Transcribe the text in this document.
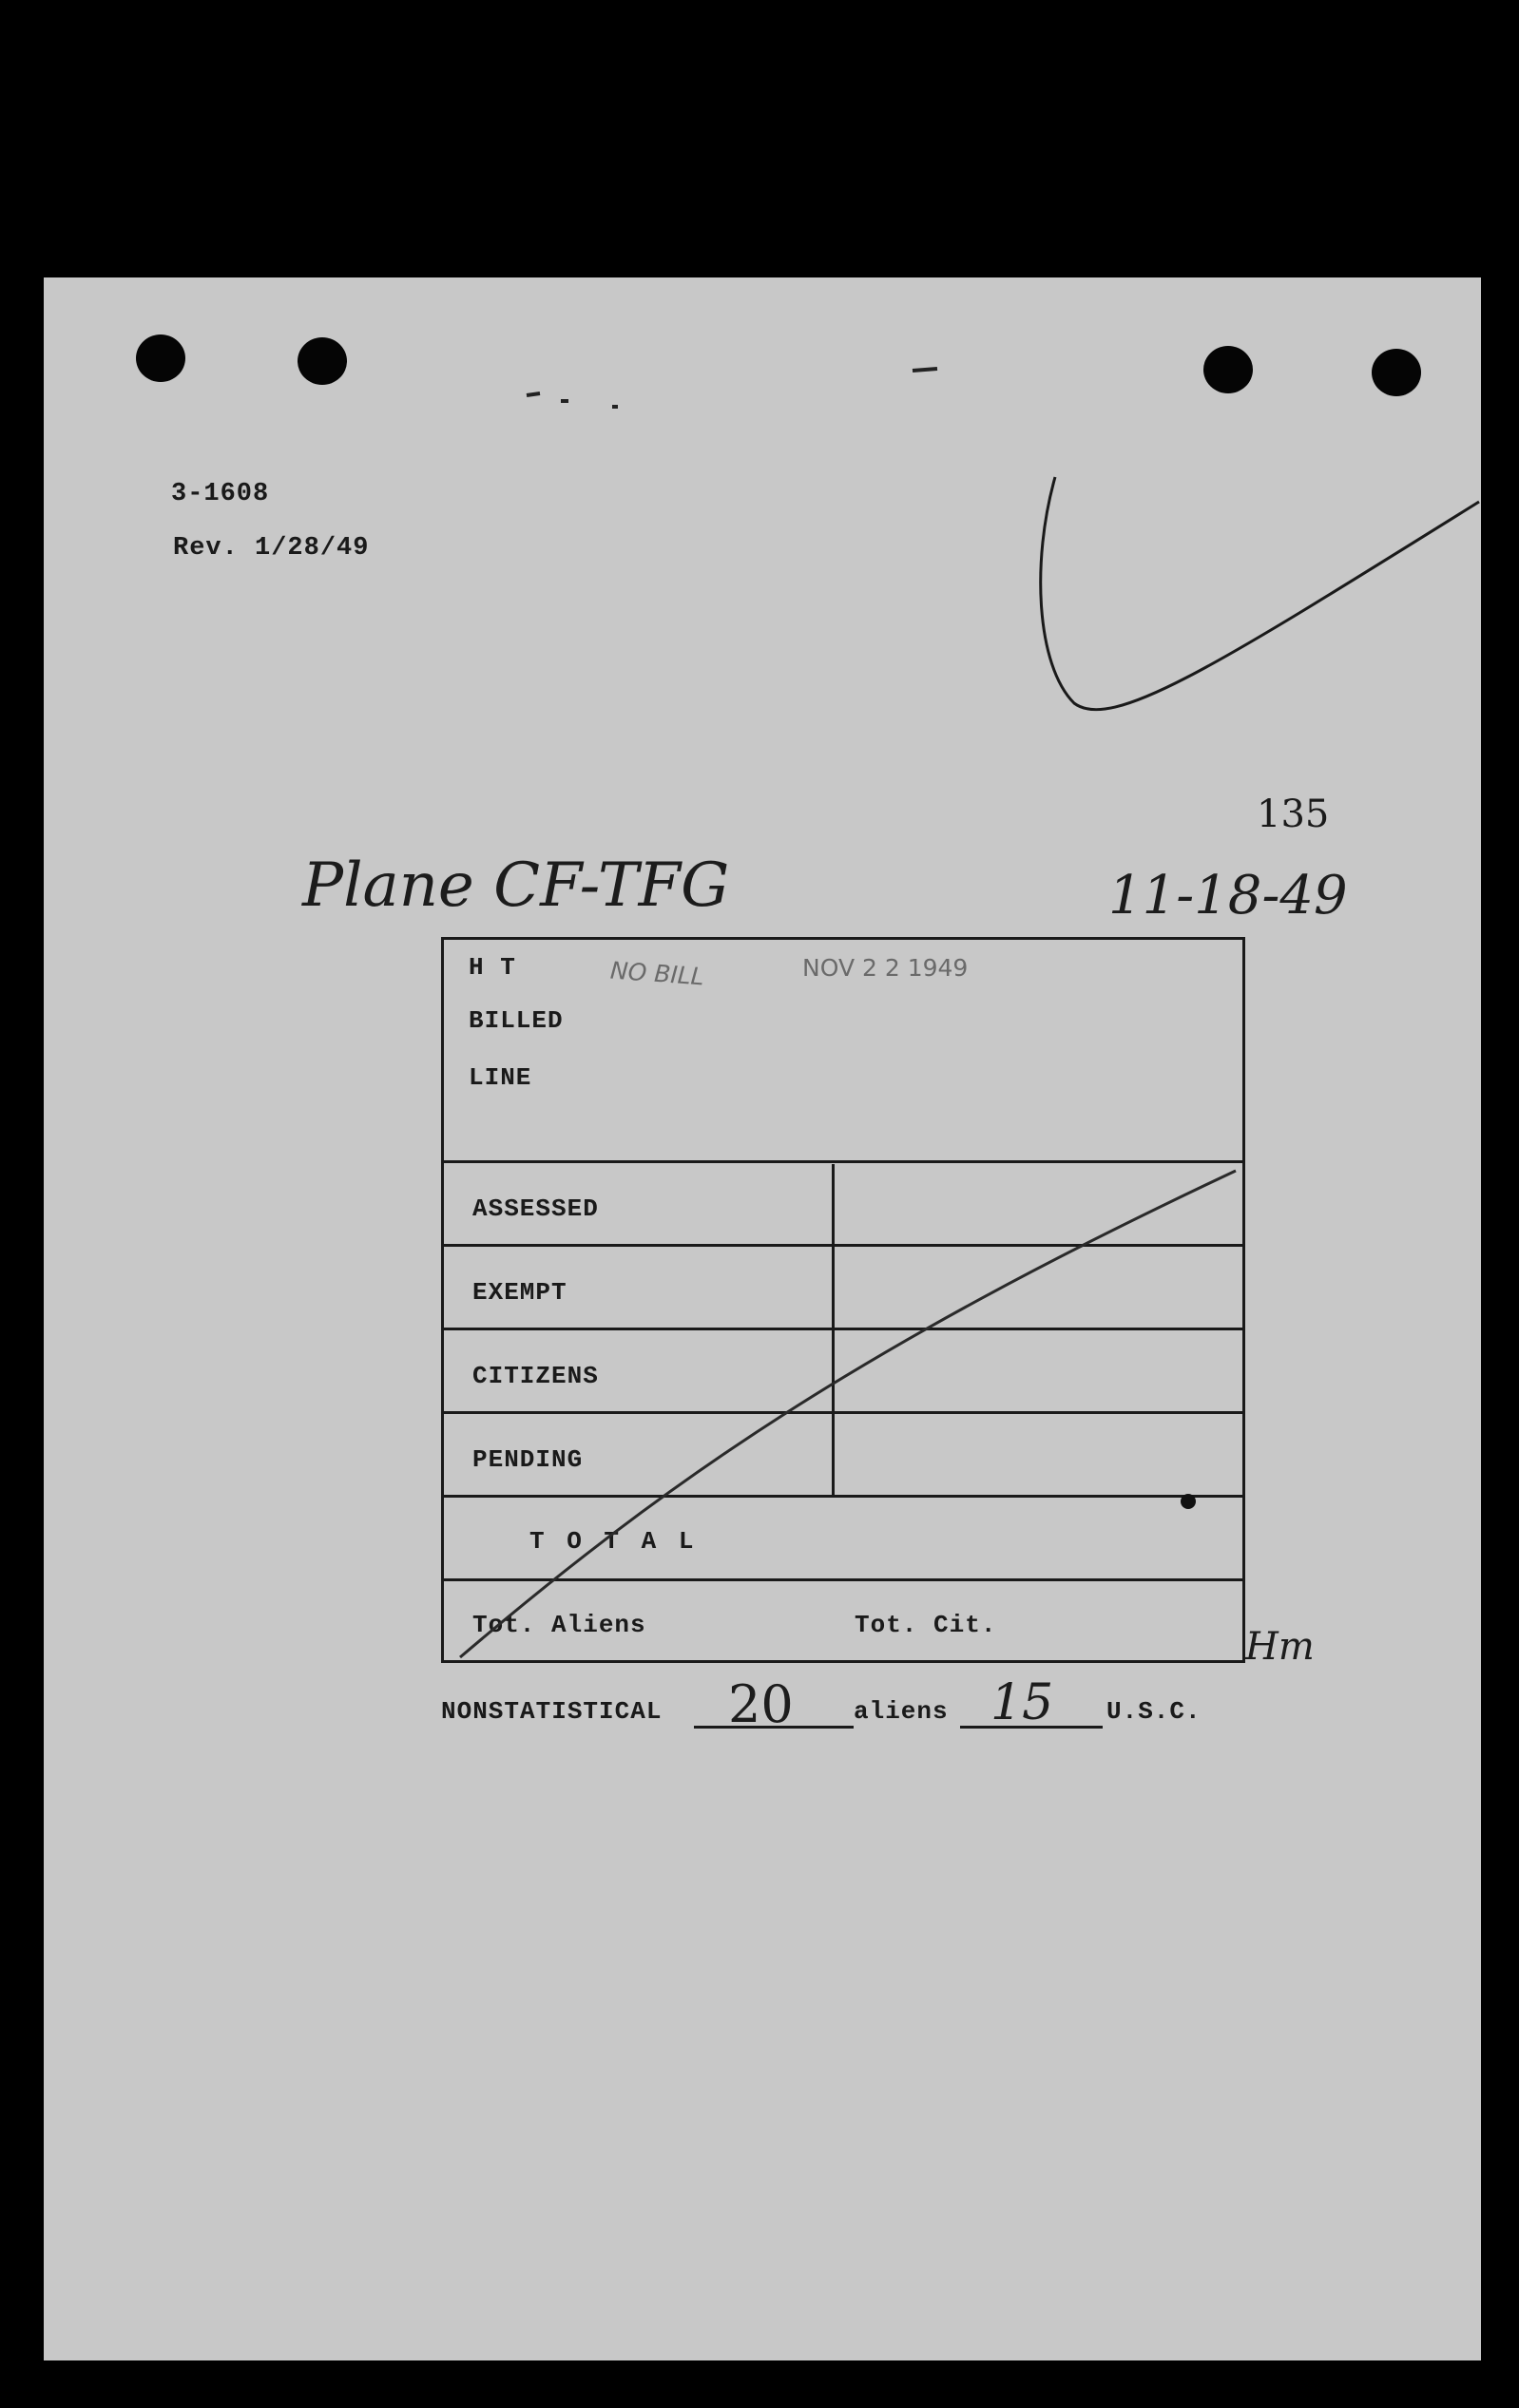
3-1608
Rev. 1/28/49
135
Plane CF-TFG	11-18-49
H T
BILLED
LINE
ASSESSED
EXEMPT
CITIZENS
PENDING
T O T A L
Tot. Aliens	Tot. Cit.
NO BILL	NOV 2 2 1949
Hm
NONSTATISTICAL 20 aliens 15 U.S.C.
